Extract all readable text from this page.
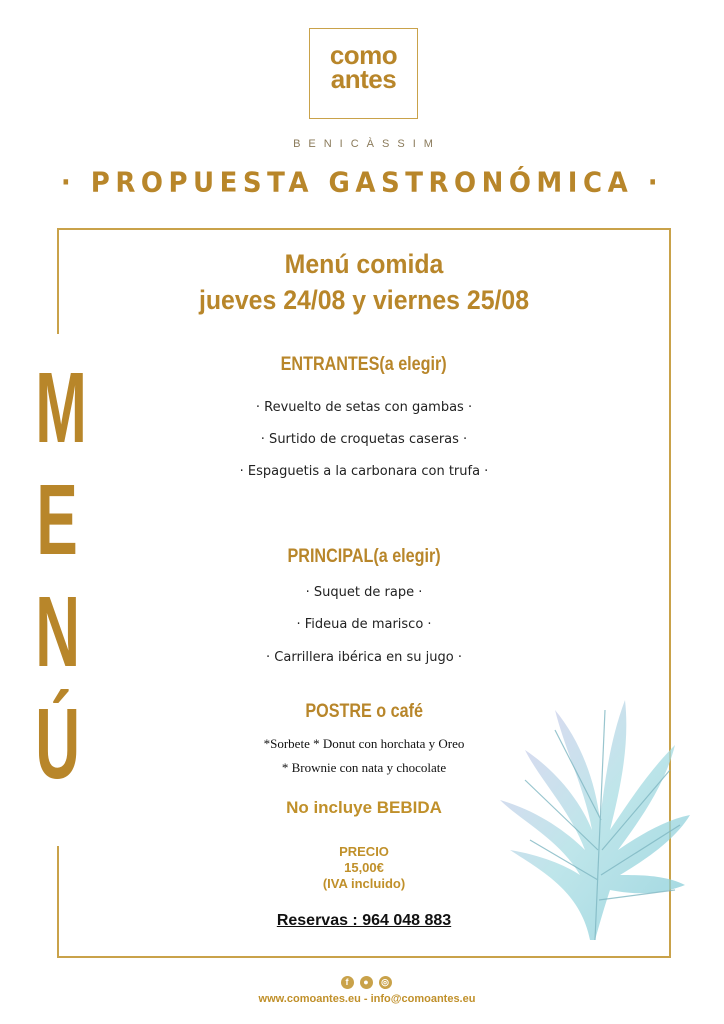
como
antes
BENICÀSSIM
· PROPUESTA GASTRONÓMICA ·
M
E
N
Ú
Menú comida
jueves 24/08 y viernes 25/08
ENTRANTES(a elegir)
· Revuelto de setas con gambas ·
· Surtido de croquetas caseras ·
· Espaguetis a la carbonara con trufa ·
PRINCIPAL(a elegir)
· Suquet de rape ·
· Fideua de marisco ·
· Carrillera ibérica en su jugo ·
POSTRE o café
*Sorbete * Donut con horchata y Oreo
* Brownie con nata y chocolate
No incluye BEBIDA
PRECIO
15,00€
(IVA incluido)
Reservas : 964 048 883
f	●	◎
www.comoantes.eu - info@comoantes.eu
